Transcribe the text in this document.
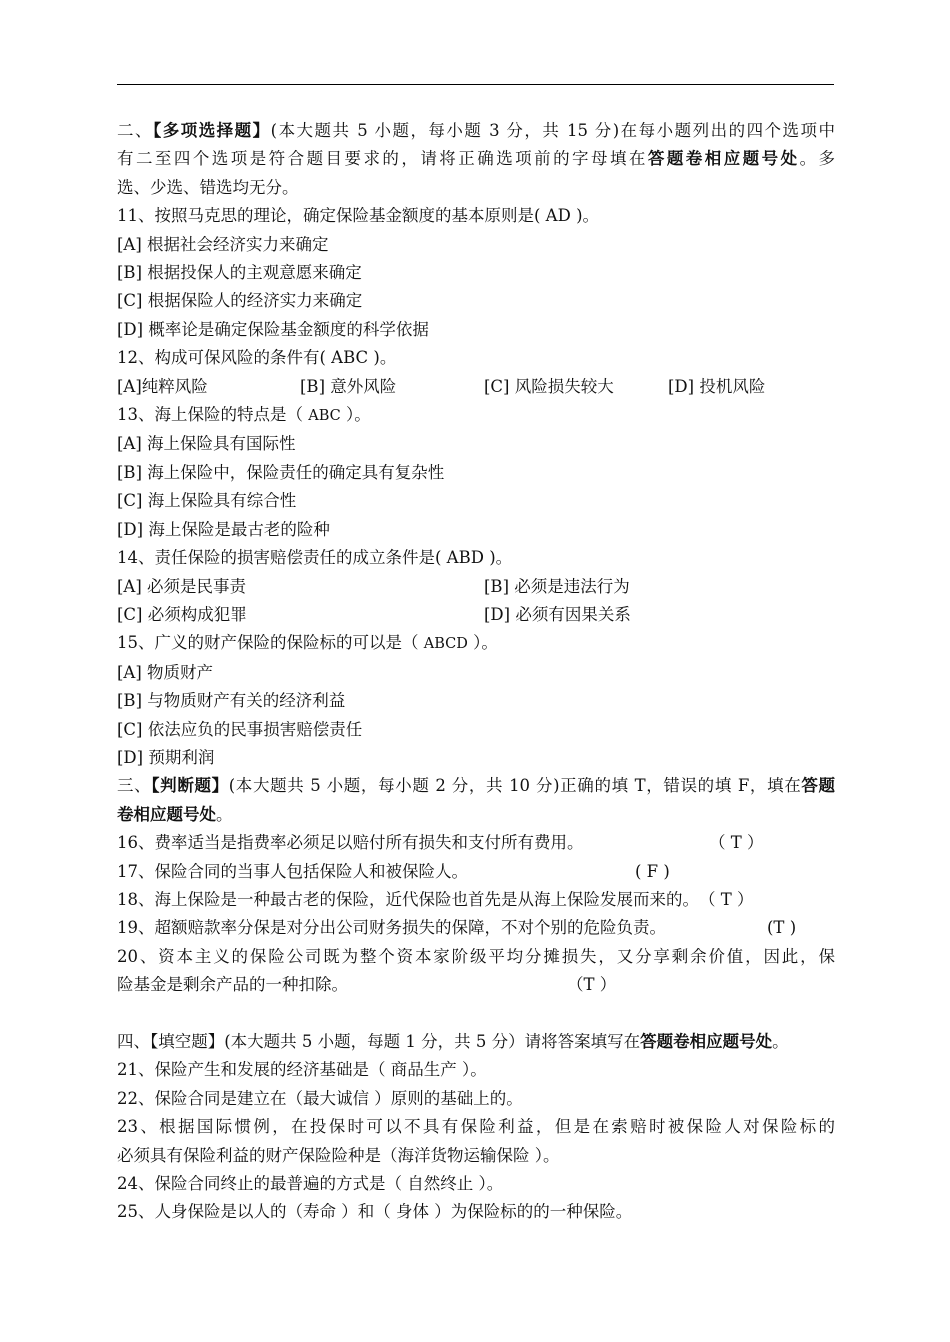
二、【多项选择题】(本大题共 5 小题，每小题 3 分，共 15 分)在每小题列出的四个选项中
有二至四个选项是符合题目要求的，请将正确选项前的字母填在答题卷相应题号处。多
选、少选、错选均无分。
11、按照马克思的理论，确定保险基金额度的基本原则是( AD )。
[A] 根据社会经济实力来确定
[B] 根据投保人的主观意愿来确定
[C] 根据保险人的经济实力来确定
[D] 概率论是确定保险基金额度的科学依据
12、构成可保风险的条件有( ABC )。
[A]纯粹风险	[B] 意外风险	[C] 风险损失较大	[D] 投机风险
13、海上保险的特点是（ ABC ）。
[A] 海上保险具有国际性
[B] 海上保险中，保险责任的确定具有复杂性
[C] 海上保险具有综合性
[D] 海上保险是最古老的险种
14、责任保险的损害赔偿责任的成立条件是( ABD )。
[A] 必须是民事责	[B] 必须是违法行为
[C] 必须构成犯罪	[D] 必须有因果关系
15、广义的财产保险的保险标的可以是（ ABCD ）。
[A] 物质财产
[B] 与物质财产有关的经济利益
[C] 依法应负的民事损害赔偿责任
[D] 预期利润
三、【判断题】(本大题共 5 小题，每小题 2 分，共 10 分)正确的填 T，错误的填 F，填在答题
卷相应题号处。
16、费率适当是指费率必须足以赔付所有损失和支付所有费用。	（ T ）
17、保险合同的当事人包括保险人和被保险人。	( F )
18、海上保险是一种最古老的保险，近代保险也首先是从海上保险发展而来的。 （ T ）
19、超额赔款率分保是对分出公司财务损失的保障，不对个别的危险负责。	(T )
20、资本主义的保险公司既为整个资本家阶级平均分摊损失，又分享剩余价值，因此，保
险基金是剩余产品的一种扣除。	（T ）
四、【填空题】(本大题共 5 小题，每题 1 分，共 5 分）请将答案填写在答题卷相应题号处。
21、保险产生和发展的经济基础是（ 商品生产 ）。
22、保险合同是建立在（最大诚信 ）原则的基础上的。
23、根据国际惯例，在投保时可以不具有保险利益，但是在索赔时被保险人对保险标的
必须具有保险利益的财产保险险种是（海洋货物运输保险 ）。
24、保险合同终止的最普遍的方式是（ 自然终止 ）。
25、人身保险是以人的（寿命 ）和（ 身体 ）为保险标的的一种保险。
